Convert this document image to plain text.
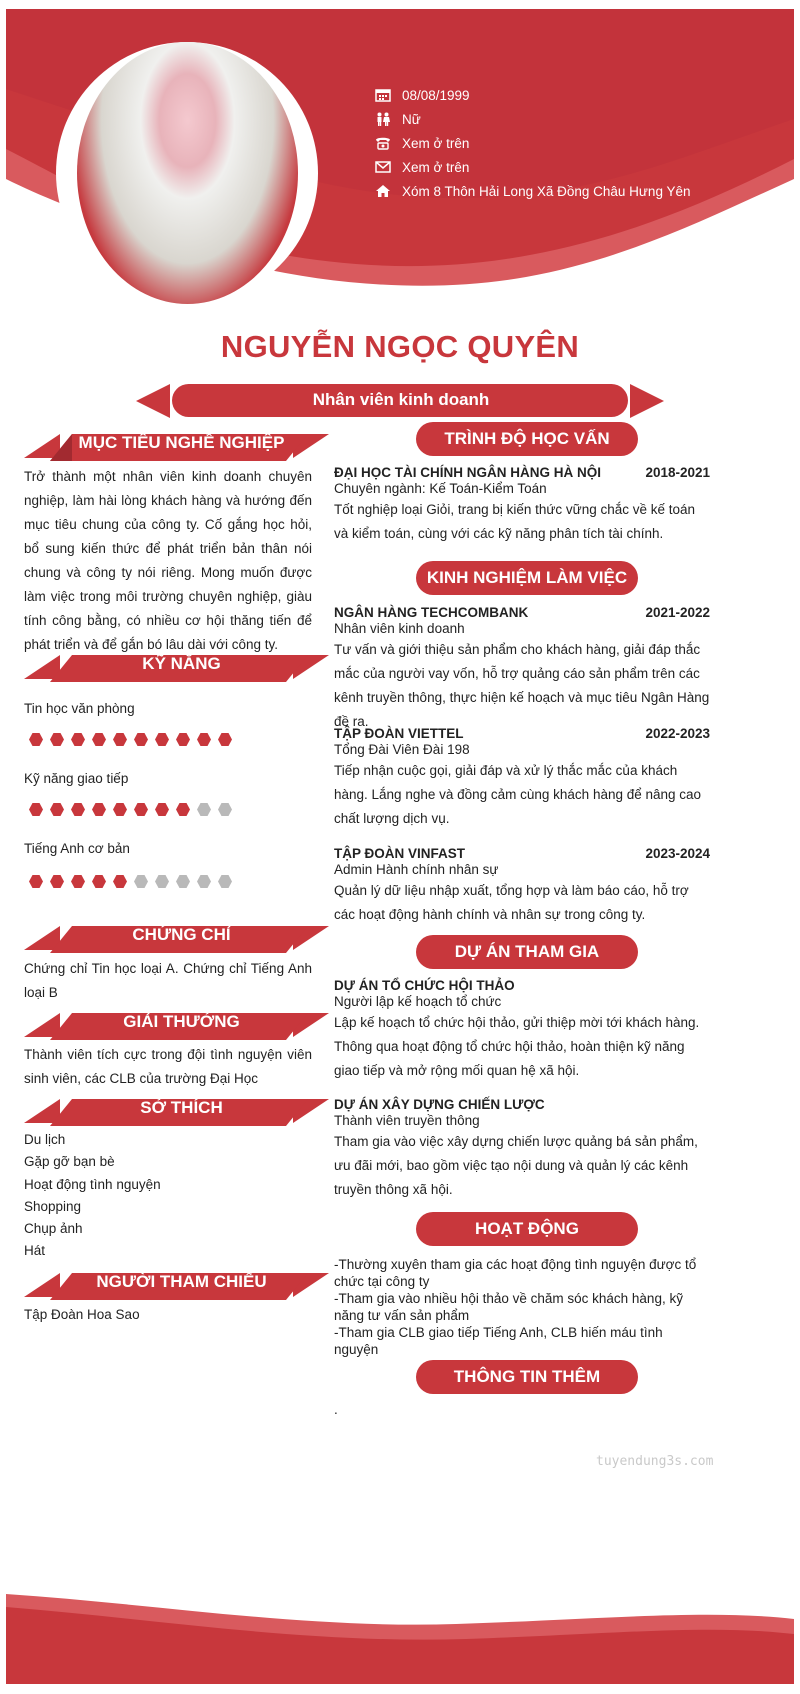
08/08/1999
Nữ
Xem ở trên
Xem ở trên
Xóm 8 Thôn Hải Long Xã Đồng Châu Hưng Yên
NGUYỄN NGỌC QUYÊN
Nhân viên kinh doanh
MỤC TIÊU NGHỀ NGHIỆP
Trở thành một nhân viên kinh doanh chuyên nghiệp, làm hài lòng khách hàng và hướng đến mục tiêu chung của công ty. Cố gắng học hỏi, bổ sung kiến thức để phát triển bản thân nói chung và công ty nói riêng. Mong muốn được làm việc trong môi trường chuyên nghiệp, giàu tính công bằng, có nhiều cơ hội thăng tiến để phát triển và để gắn bó lâu dài với công ty.
KỸ NĂNG
Tin học văn phòng
Kỹ năng giao tiếp
Tiếng Anh cơ bản
CHỨNG CHỈ
Chứng chỉ Tin học loại A. Chứng chỉ Tiếng Anh loại B
GIẢI THƯỞNG
Thành viên tích cực trong đội tình nguyện viên sinh viên, các CLB của trường Đại Học
SỞ THÍCH
Du lịch
Gặp gỡ bạn bè
Hoạt động tình nguyện
Shopping
Chụp ảnh
Hát
NGƯỜI THAM CHIẾU
Tập Đoàn Hoa Sao
TRÌNH ĐỘ HỌC VẤN
ĐẠI HỌC TÀI CHÍNH NGÂN HÀNG HÀ NỘI	2018-2021
Chuyên ngành: Kế Toán-Kiểm Toán
Tốt nghiệp loại Giỏi, trang bị kiến thức vững chắc về kế toán và kiểm toán, cùng với các kỹ năng phân tích tài chính.
KINH NGHIỆM LÀM VIỆC
NGÂN HÀNG TECHCOMBANK	2021-2022
Nhân viên kinh doanh
Tư vấn và giới thiệu sản phẩm cho khách hàng, giải đáp thắc mắc của người vay vốn, hỗ trợ quảng cáo sản phẩm trên các kênh truyền thông, thực hiện kế hoạch và mục tiêu Ngân Hàng đề ra.
TẬP ĐOÀN VIETTEL	2022-2023
Tổng Đài Viên Đài 198
Tiếp nhận cuộc gọi, giải đáp và xử lý thắc mắc của khách hàng. Lắng nghe và đồng cảm cùng khách hàng để nâng cao chất lượng dịch vụ.
TẬP ĐOÀN VINFAST	2023-2024
Admin Hành chính nhân sự
Quản lý dữ liệu nhập xuất, tổng hợp và làm báo cáo, hỗ trợ các hoạt động hành chính và nhân sự trong công ty.
DỰ ÁN THAM GIA
DỰ ÁN TỔ CHỨC HỘI THẢO
Người lập kế hoạch tổ chức
Lập kế hoạch tổ chức hội thảo, gửi thiệp mời tới khách hàng. Thông qua hoạt động tổ chức hội thảo, hoàn thiện kỹ năng giao tiếp và mở rộng mối quan hệ xã hội.
DỰ ÁN XÂY DỰNG CHIẾN LƯỢC
Thành viên truyền thông
Tham gia vào việc xây dựng chiến lược quảng bá sản phẩm, ưu đãi mới, bao gồm việc tạo nội dung và quản lý các kênh truyền thông xã hội.
HOẠT ĐỘNG
-Thường xuyên tham gia các hoạt động tình nguyện được tổ chức tại công ty
-Tham gia vào nhiều hội thảo về chăm sóc khách hàng, kỹ năng tư vấn sản phẩm
-Tham gia CLB giao tiếp Tiếng Anh, CLB hiến máu tình nguyện
THÔNG TIN THÊM
.
tuyendung3s.com
